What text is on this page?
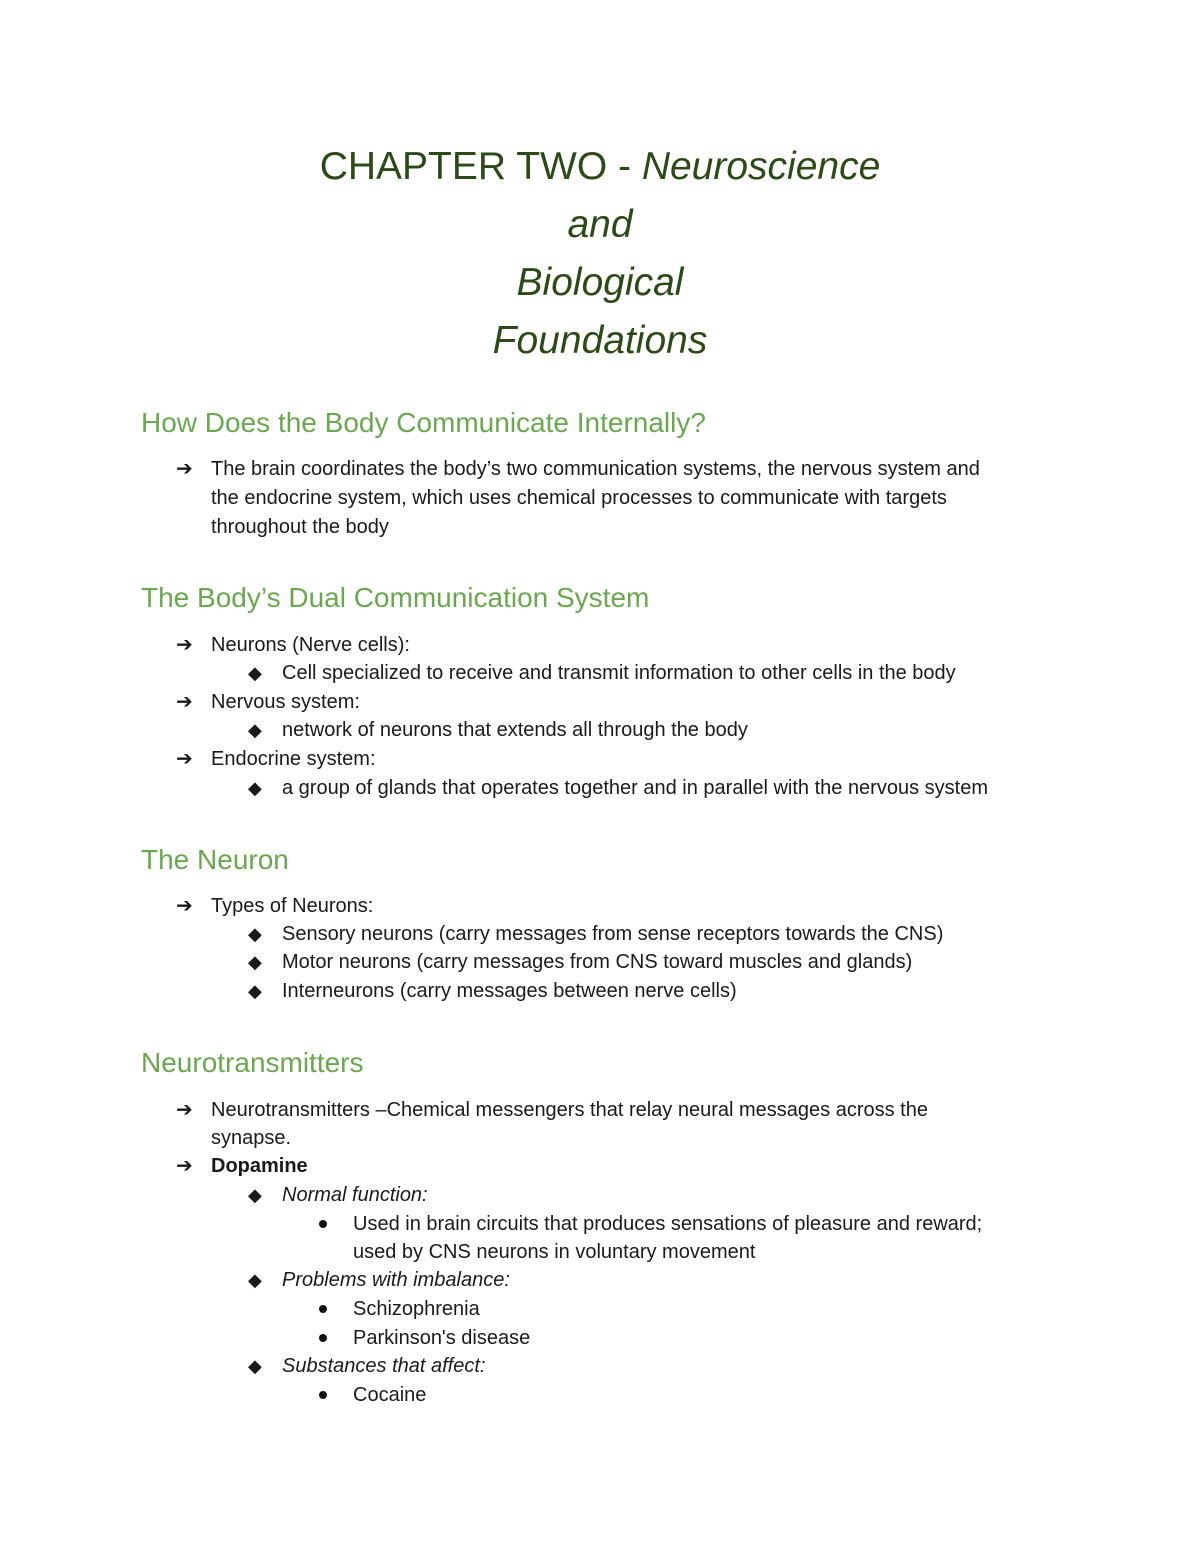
CHAPTER TWO - Neuroscience
and
Biological
Foundations
How Does the Body Communicate Internally?
➔ The brain coordinates the body’s two communication systems, the nervous system and
the endocrine system, which uses chemical processes to communicate with targets
throughout the body
The Body’s Dual Communication System
➔ Neurons (Nerve cells):
◆ Cell specialized to receive and transmit information to other cells in the body
➔ Nervous system:
◆ network of neurons that extends all through the body
➔ Endocrine system:
◆ a group of glands that operates together and in parallel with the nervous system
The Neuron
➔ Types of Neurons:
◆ Sensory neurons (carry messages from sense receptors towards the CNS)
◆ Motor neurons (carry messages from CNS toward muscles and glands)
◆ Interneurons (carry messages between nerve cells)
Neurotransmitters
➔ Neurotransmitters –Chemical messengers that relay neural messages across the
synapse.
➔ Dopamine
◆ Normal function:
Used in brain circuits that produces sensations of pleasure and reward;
used by CNS neurons in voluntary movement
◆ Problems with imbalance:
Schizophrenia
Parkinson's disease
◆ Substances that affect:
Cocaine
